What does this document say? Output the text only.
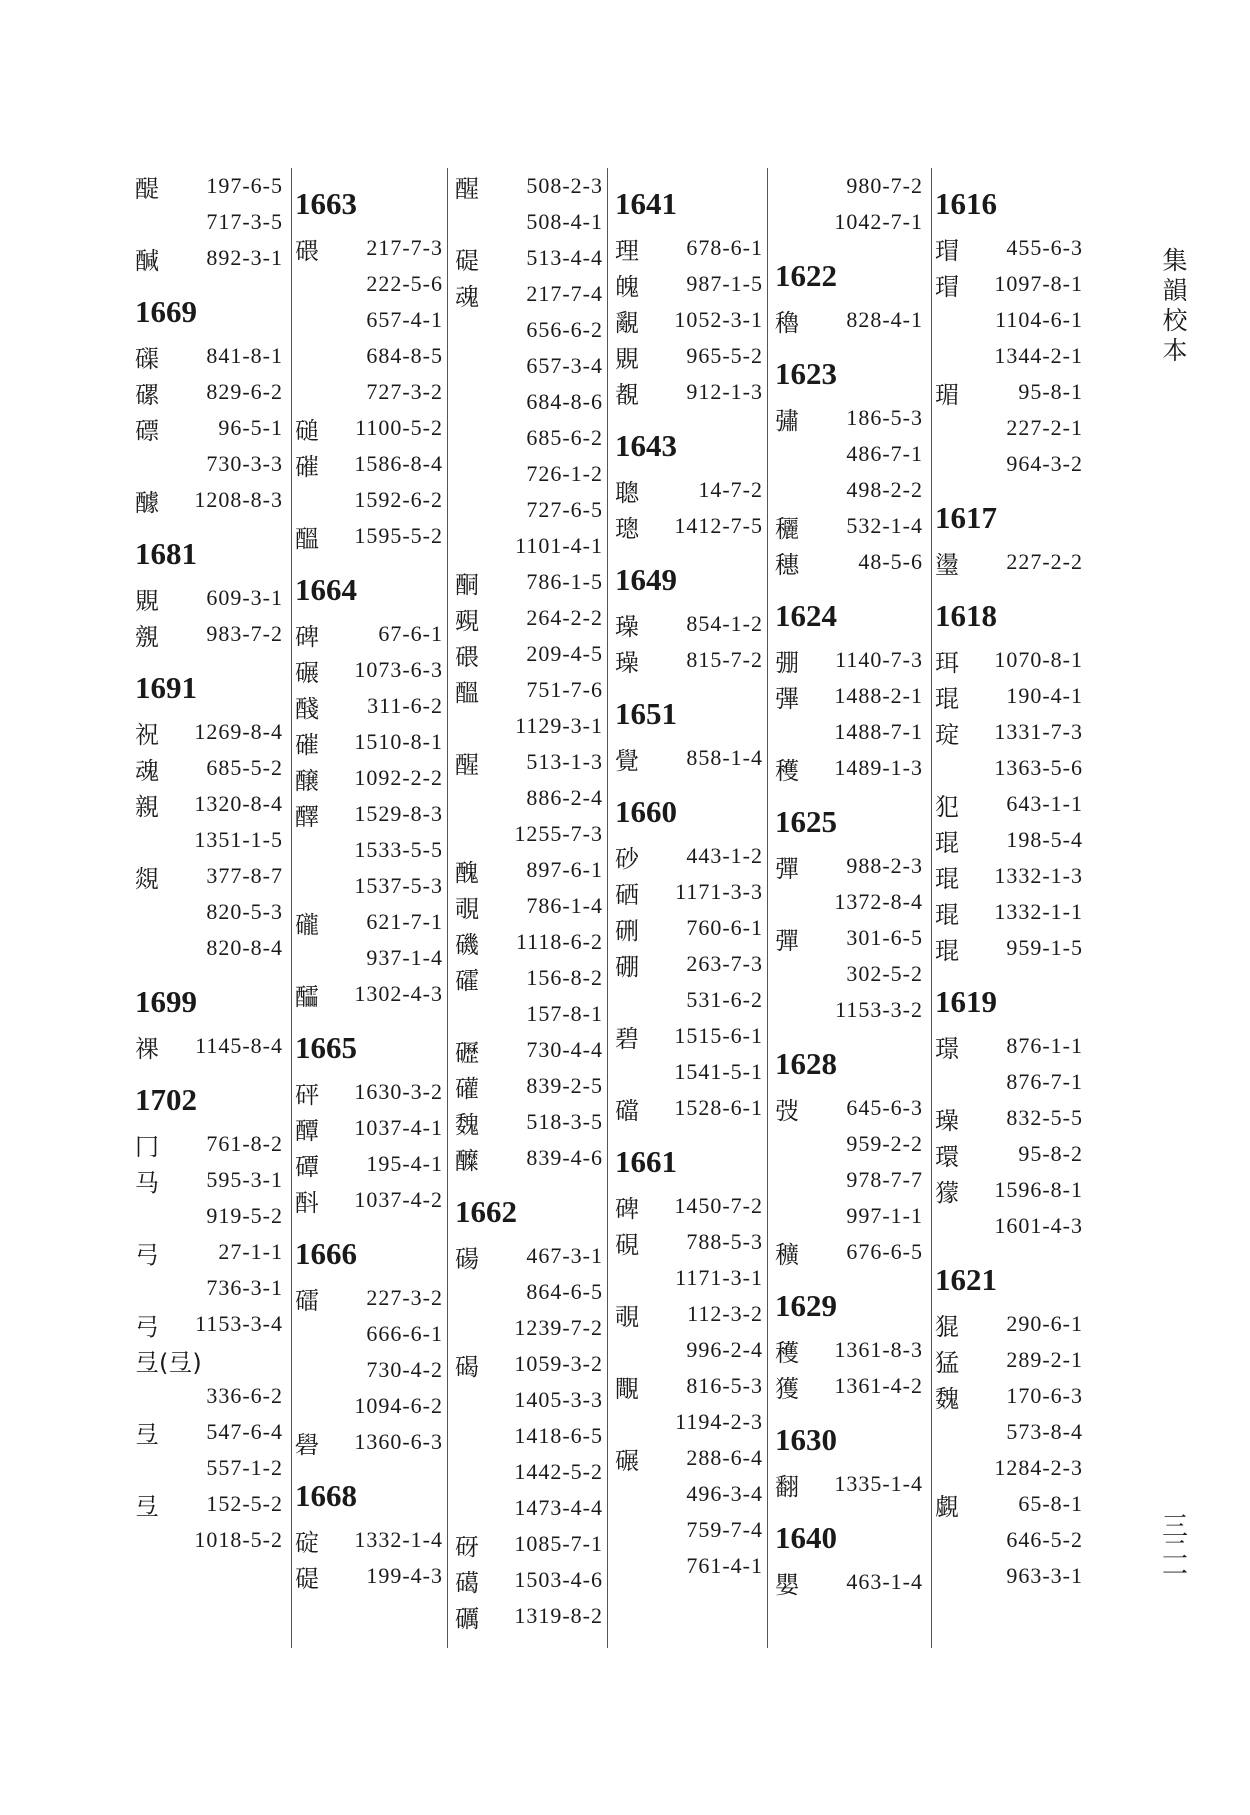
醍	197-6-5
717-3-5
醎	892-3-1
1669
磲	841-8-1
磥	829-6-2
磦	96-5-1
730-3-3
醵	1208-8-3
1681
覞	609-3-1
覫	983-7-2
1691
祝	1269-8-4
魂	685-5-2
親	1320-8-4
1351-1-5
覢	377-8-7
820-5-3
820-8-4
1699
祼	1145-8-4
1702
冂	761-8-2
马	595-3-1
919-5-2
弓	27-1-1
736-3-1
弓	1153-3-4
弖(弖)
336-6-2
弖	547-6-4
557-1-2
弖	152-5-2
1018-5-2
1663
碨	217-7-3
222-5-6
657-4-1
684-8-5
727-3-2
磓	1100-5-2
磪	1586-8-4
1592-6-2
醞	1595-5-2
1664
碑	67-6-1
碾	1073-6-3
醆	311-6-2
磪	1510-8-1
醸	1092-2-2
醳	1529-8-3
1533-5-5
1537-5-3
礲	621-7-1
937-1-4
醽	1302-4-3
1665
砰	1630-3-2
醰	1037-4-1
磹	195-4-1
酙	1037-4-2
1666
礌	227-3-2
666-6-1
730-4-2
1094-6-2
礐	1360-6-3
1668
碇	1332-1-4
碮	199-4-3
醒	508-2-3
508-4-1
碮	513-4-4
魂	217-7-4
656-6-2
657-3-4
684-8-6
685-6-2
726-1-2
727-6-5
1101-4-1
酮	786-1-5
覡	264-2-2
碨	209-4-5
醞	751-7-6
1129-3-1
醒	513-1-3
886-2-4
1255-7-3
醜	897-6-1
覗	786-1-4
磯	1118-6-2
礭	156-8-2
157-8-1
礰	730-4-4
礶	839-2-5
魏	518-3-5
醾	839-4-6
1662
碭	467-3-1
864-6-5
1239-7-2
碣	1059-3-2
1405-3-3
1418-6-5
1442-5-2
1473-4-4
砑	1085-7-1
礍	1503-4-6
礪	1319-8-2
1641
理	678-6-1
魄	987-1-5
覶	1052-3-1
覞	965-5-2
覩	912-1-3
1643
聰	14-7-2
璁	1412-7-5
1649
璪	854-1-2
璪	815-7-2
1651
覺	858-1-4
1660
砂	443-1-2
硒	1171-3-3
硎	760-6-1
硼	263-7-3
531-6-2
碧	1515-6-1
1541-5-1
礑	1528-6-1
1661
碑	1450-7-2
硯	788-5-3
1171-3-1
覗	112-3-2
996-2-4
覸	816-5-3
1194-2-3
碾	288-6-4
496-3-4
759-7-4
761-4-1
980-7-2
1042-7-1
1622
穭	828-4-1
1623
彇	186-5-3
486-7-1
498-2-2
穲	532-1-4
穗	48-5-6
1624
弸	1140-7-3
彃	1488-2-1
1488-7-1
穫	1489-1-3
1625
彈	988-2-3
1372-8-4
彈	301-6-5
302-5-2
1153-3-2
1628
弢	645-6-3
959-2-2
978-7-7
997-1-1
穬	676-6-5
1629
穫	1361-8-3
獲	1361-4-2
1630
翻	1335-1-4
1640
嬰	463-1-4
1616
瑁	455-6-3
瑁	1097-8-1
1104-6-1
1344-2-1
瑂	95-8-1
227-2-1
964-3-2
1617
璗	227-2-2
1618
珥	1070-8-1
琨	190-4-1
琔	1331-7-3
1363-5-6
犯	643-1-1
琨	198-5-4
琨	1332-1-3
琨	1332-1-1
琨	959-1-5
1619
璟	876-1-1
876-7-1
璪	832-5-5
環	95-8-2
獴	1596-8-1
1601-4-3
1621
猑	290-6-1
猛	289-2-1
魏	170-6-3
573-8-4
1284-2-3
覷	65-8-1
646-5-2
963-3-1
集
韻
校
本
三
二
一
